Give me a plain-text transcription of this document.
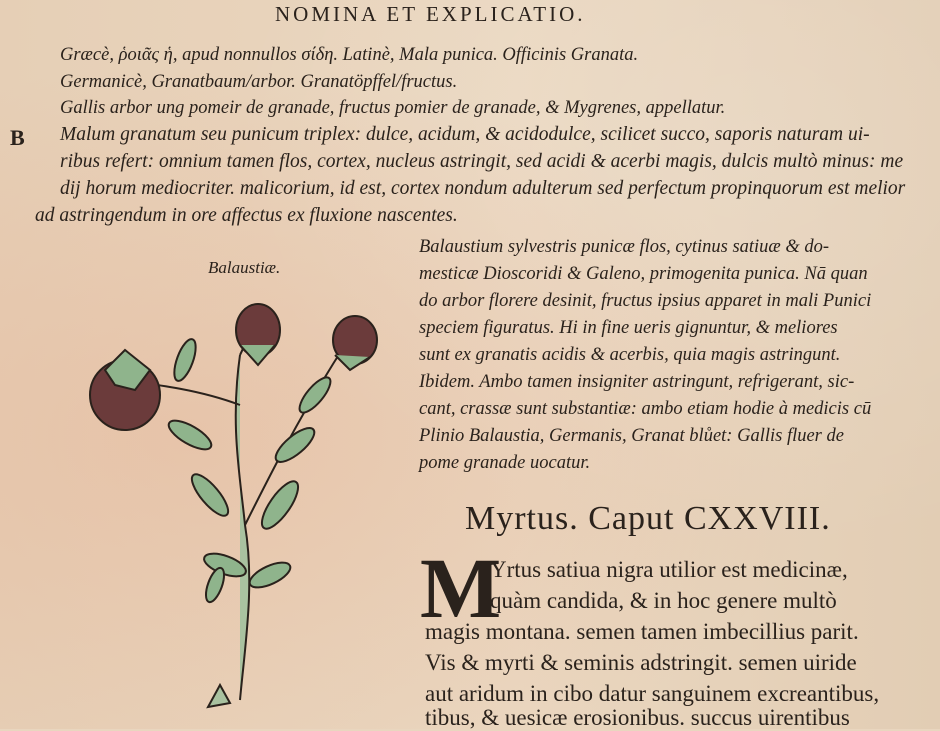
NOMINA ET EXPLICATIO.
Græcè, ῥοιᾶς ἡ, apud nonnullos σίδη. Latinè, Mala punica. Officinis Granata.
Germanicè, Granatbaum/arbor. Granatöpffel/fructus.
Gallis arbor ung pomeir de granade, fructus pomier de granade, & Mygrenes, appellatur.
B Malum granatum seu punicum triplex: dulce, acidum, & acidodulce, scilicet succo, saporis naturam ui-
ribus refert: omnium tamen flos, cortex, nucleus astringit, sed acidi & acerbi magis, dulcis multò minus: me
dij horum mediocriter. malicorium, id est, cortex nondum adulterum sed perfectum propinquorum est melior
ad astringendum in ore affectus ex fluxione nascentes.
Balaustiæ.
Balaustium sylvestris punicæ flos, cytinus satiuæ & do-
mesticæ Dioscoridi & Galeno, primogenita punica. Nā quan
do arbor florere desinit, fructus ipsius apparet in mali Punici
speciem figuratus. Hi in fine ueris gignuntur, & meliores
sunt ex granatis acidis & acerbis, quia magis astringunt.
Ibidem. Ambo tamen insigniter astringunt, refrigerant, sic-
cant, crassæ sunt substantiæ: ambo etiam hodie à medicis cū
Plinio Balaustia, Germanis, Granat blůet: Gallis fluer de
pome granade uocatur.
Myrtus. Caput CXXVIII.
M
Yrtus satiua nigra utilior est medicinæ,
quàm candida, & in hoc genere multò
magis montana. semen tamen imbecillius parit.
Vis & myrti & seminis adstringit. semen uiride
aut aridum in cibo datur sanguinem excreantibus,
tibus, & uesicæ erosionibus. succus uirentibus
